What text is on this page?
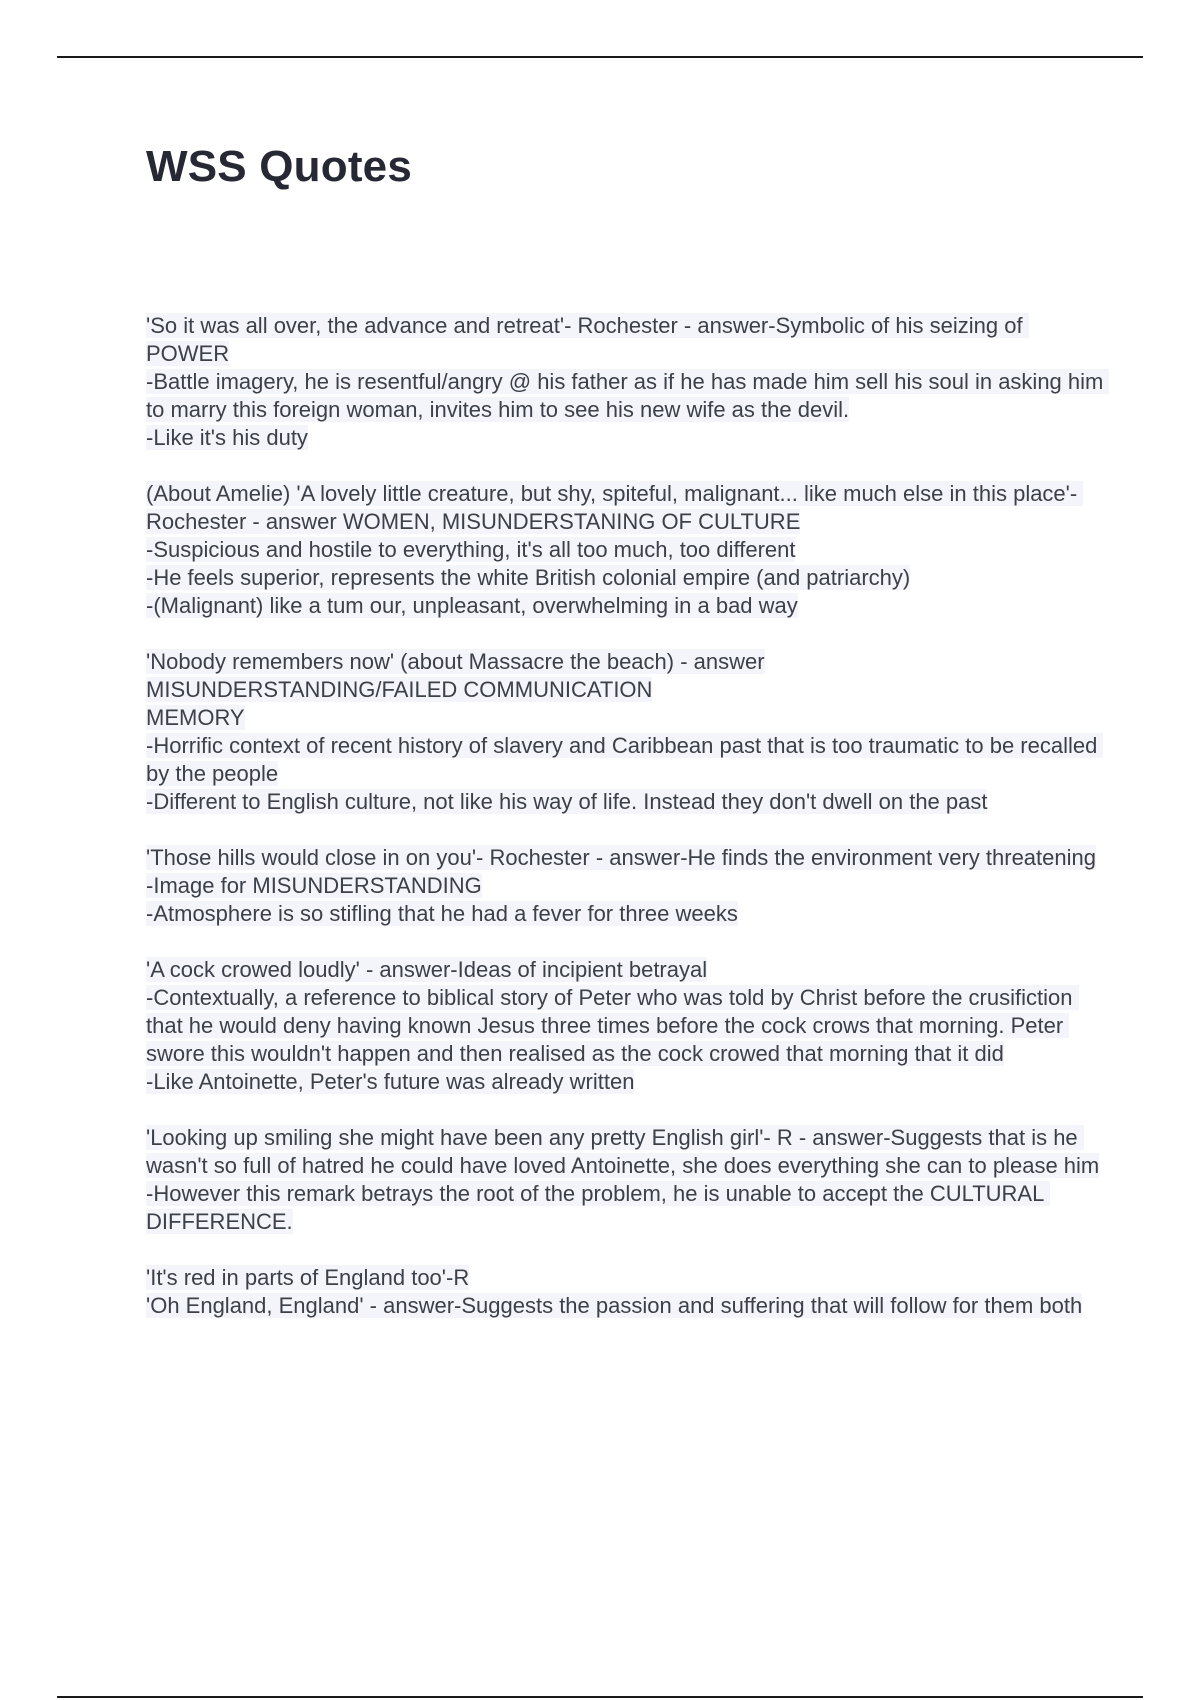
WSS Quotes
'So it was all over, the advance and retreat'- Rochester - answer-Symbolic of his seizing of POWER
-Battle imagery, he is resentful/angry @ his father as if he has made him sell his soul in asking him to marry this foreign woman, invites him to see his new wife as the devil.
-Like it's his duty
(About Amelie) 'A lovely little creature, but shy, spiteful, malignant... like much else in this place'- Rochester - answer WOMEN, MISUNDERSTANING OF CULTURE
-Suspicious and hostile to everything, it's all too much, too different
-He feels superior, represents the white British colonial empire (and patriarchy)
-(Malignant) like a tum our, unpleasant, overwhelming in a bad way
'Nobody remembers now' (about Massacre the beach) - answer
MISUNDERSTANDING/FAILED COMMUNICATION
MEMORY
-Horrific context of recent history of slavery and Caribbean past that is too traumatic to be recalled by the people
-Different to English culture, not like his way of life. Instead they don't dwell on the past
'Those hills would close in on you'- Rochester - answer-He finds the environment very threatening
-Image for MISUNDERSTANDING
-Atmosphere is so stifling that he had a fever for three weeks
'A cock crowed loudly' - answer-Ideas of incipient betrayal
-Contextually, a reference to biblical story of Peter who was told by Christ before the crusifiction that he would deny having known Jesus three times before the cock crows that morning. Peter swore this wouldn't happen and then realised as the cock crowed that morning that it did
-Like Antoinette, Peter's future was already written
'Looking up smiling she might have been any pretty English girl'- R - answer-Suggests that is he wasn't so full of hatred he could have loved Antoinette, she does everything she can to please him
-However this remark betrays the root of the problem, he is unable to accept the CULTURAL DIFFERENCE.
'It's red in parts of England too'-R
'Oh England, England' - answer-Suggests the passion and suffering that will follow for them both
